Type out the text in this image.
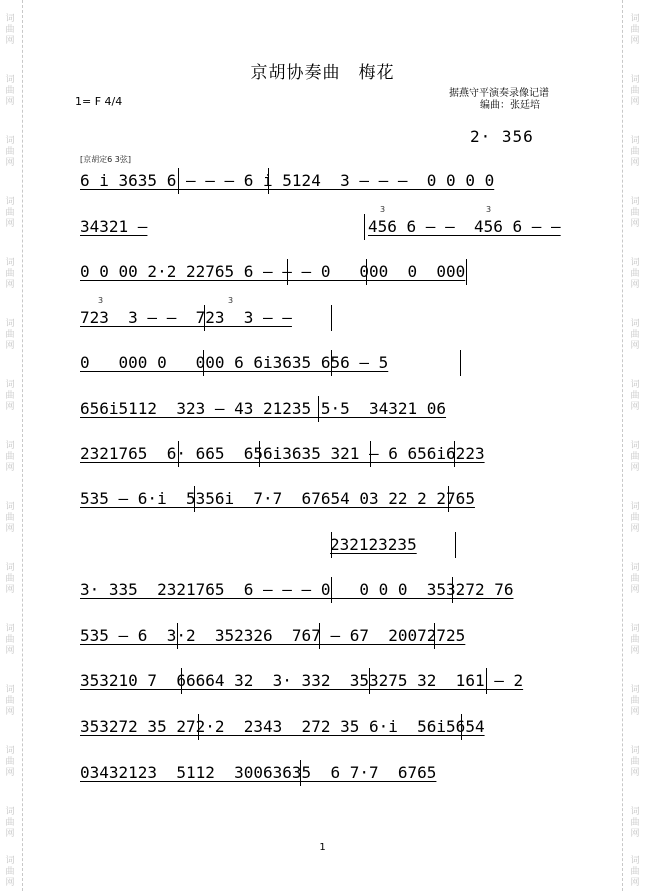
词曲网
词曲网
词曲网
词曲网
词曲网
词曲网
词曲网
词曲网
词曲网
词曲网
词曲网
词曲网
词曲网
词曲网
词曲网
词曲网
词曲网
词曲网
词曲网
词曲网
词曲网
词曲网
词曲网
词曲网
词曲网
词曲网
词曲网
词曲网
词曲网
词曲网
京胡协奏曲　梅花
1= F 4/4
据燕守平演奏录像记谱
编曲：张廷培
2· 356
[京胡定6 3弦]
6 i 3635 6 — — — 6 i 5124  3 — — —  0 0 0 0
34321 —
3	3
456 6 — —  456 6 — —
0 0 00 2·2 22765 6 — — — 0   000  0  000
3	3
723  3 — —  723  3 — —
0   000 0   000 6 6i3635 656 — 5
656i5112  323 — 43 21235 5·5  34321 06
2321765  6· 665  656i3635 321 — 6 656i6223
535 — 6·i  5356i  7·7  67654 03 22 2 2765
232123235
3· 335  2321765  6 — — — 0   0 0 0  353272 76
535 — 6  3·2  352326  767 — 67  20072725
353210 7  66664 32  3· 332  353275 32  161 — 2
353272 35 272·2  2343  272 35 6·i  56i5654
03432123  5112  30063635  6 7·7  6765
1
